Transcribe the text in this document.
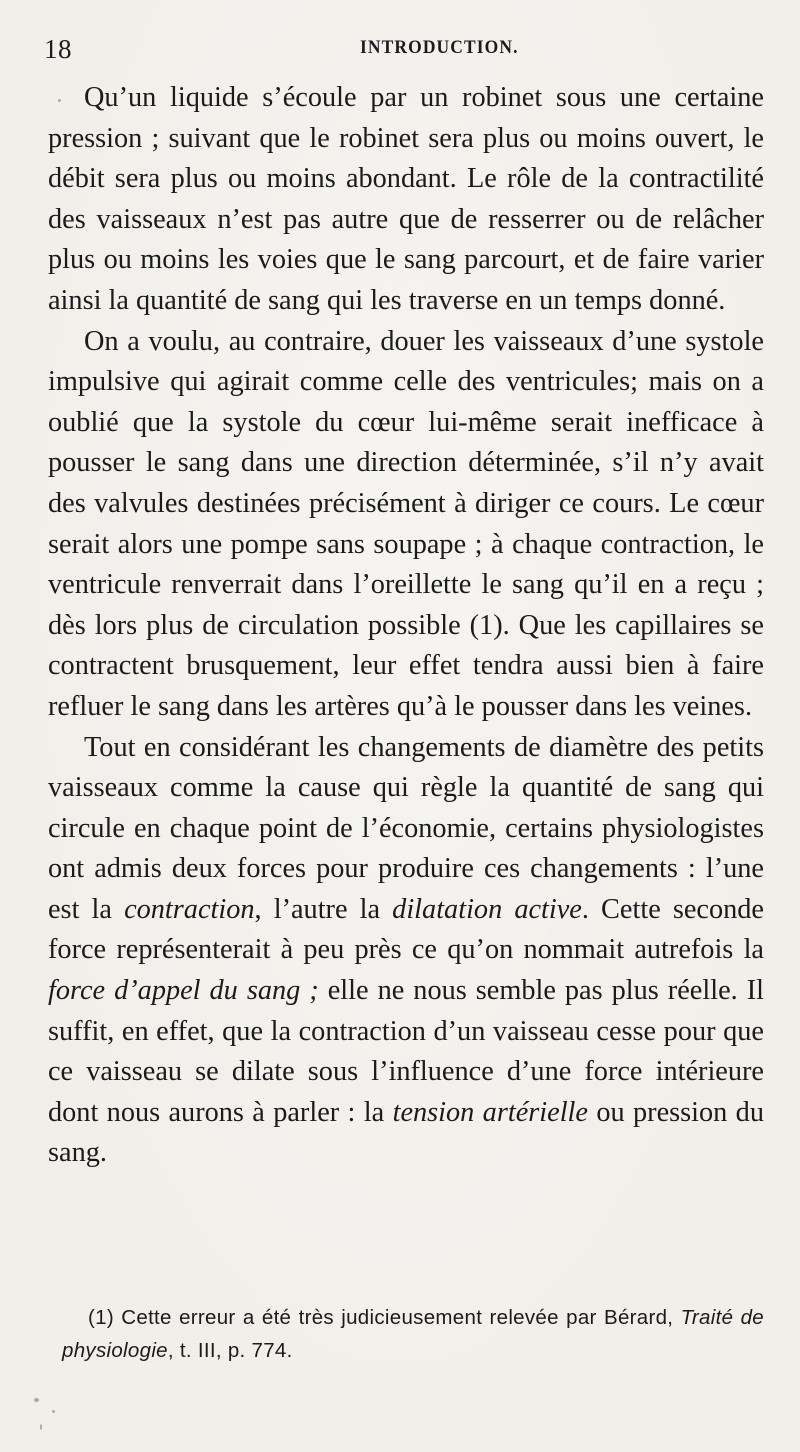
18	INTRODUCTION.

Qu’un liquide s’écoule par un robinet sous une certaine pression ; suivant que le robinet sera plus ou moins ouvert, le débit sera plus ou moins abondant. Le rôle de la contractilité des vaisseaux n’est pas autre que de resserrer ou de relâcher plus ou moins les voies que le sang parcourt, et de faire varier ainsi la quantité de sang qui les traverse en un temps donné.

On a voulu, au contraire, douer les vaisseaux d’une systole impulsive qui agirait comme celle des ventricules; mais on a oublié que la systole du cœur lui-même serait inefficace à pousser le sang dans une direction déterminée, s’il n’y avait des valvules destinées précisément à diriger ce cours. Le cœur serait alors une pompe sans soupape ; à chaque contraction, le ventricule renverrait dans l’oreillette le sang qu’il en a reçu ; dès lors plus de circulation possible (1). Que les capillaires se contractent brusquement, leur effet tendra aussi bien à faire refluer le sang dans les artères qu’à le pousser dans les veines.

Tout en considérant les changements de diamètre des petits vaisseaux comme la cause qui règle la quantité de sang qui circule en chaque point de l’économie, certains physiologistes ont admis deux forces pour produire ces changements : l’une est la contraction, l’autre la dilatation active. Cette seconde force représenterait à peu près ce qu’on nommait autrefois la force d’appel du sang ; elle ne nous semble pas plus réelle. Il suffit, en effet, que la contraction d’un vaisseau cesse pour que ce vaisseau se dilate sous l’influence d’une force intérieure dont nous aurons à parler : la tension artérielle ou pression du sang.

(1) Cette erreur a été très judicieusement relevée par Bérard, Traité de physiologie, t. III, p. 774.
